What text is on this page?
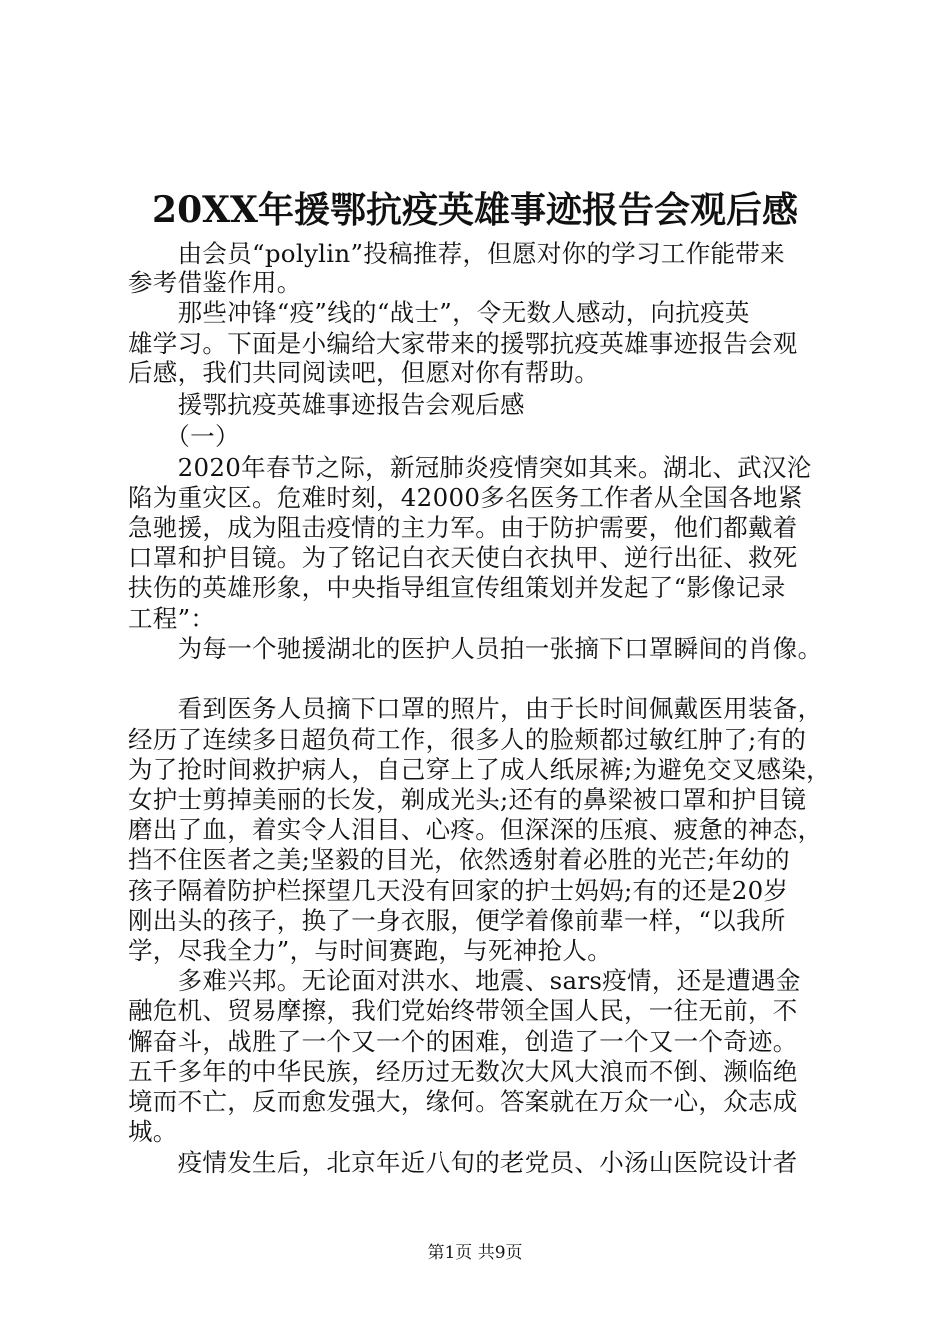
20XX年援鄂抗疫英雄事迹报告会观后感
　　由会员“polylin”投稿推荐，但愿对你的学习工作能带来
参考借鉴作用。
　　那些冲锋“疫”线的“战士”，令无数人感动，向抗疫英
雄学习。下面是小编给大家带来的援鄂抗疫英雄事迹报告会观
后感，我们共同阅读吧，但愿对你有帮助。
　　援鄂抗疫英雄事迹报告会观后感
　　（一）
　　2020年春节之际，新冠肺炎疫情突如其来。湖北、武汉沦
陷为重灾区。危难时刻，42000多名医务工作者从全国各地紧
急驰援，成为阻击疫情的主力军。由于防护需要，他们都戴着
口罩和护目镜。为了铭记白衣天使白衣执甲、逆行出征、救死
扶伤的英雄形象，中央指导组宣传组策划并发起了“影像记录
工程”：
　　为每一个驰援湖北的医护人员拍一张摘下口罩瞬间的肖像。
　　看到医务人员摘下口罩的照片，由于长时间佩戴医用装备，
经历了连续多日超负荷工作，很多人的脸颊都过敏红肿了;有的
为了抢时间救护病人，自己穿上了成人纸尿裤;为避免交叉感染，
女护士剪掉美丽的长发，剃成光头;还有的鼻梁被口罩和护目镜
磨出了血，着实令人泪目、心疼。但深深的压痕、疲惫的神态，
挡不住医者之美;坚毅的目光，依然透射着必胜的光芒;年幼的
孩子隔着防护栏探望几天没有回家的护士妈妈;有的还是20岁
刚出头的孩子，换了一身衣服，便学着像前辈一样，“以我所
学，尽我全力”，与时间赛跑，与死神抢人。
　　多难兴邦。无论面对洪水、地震、sars疫情，还是遭遇金
融危机、贸易摩擦，我们党始终带领全国人民，一往无前，不
懈奋斗，战胜了一个又一个的困难，创造了一个又一个奇迹。
五千多年的中华民族，经历过无数次大风大浪而不倒、濒临绝
境而不亡，反而愈发强大，缘何。答案就在万众一心，众志成
城。
　　疫情发生后，北京年近八旬的老党员、小汤山医院设计者
第1页 共9页
